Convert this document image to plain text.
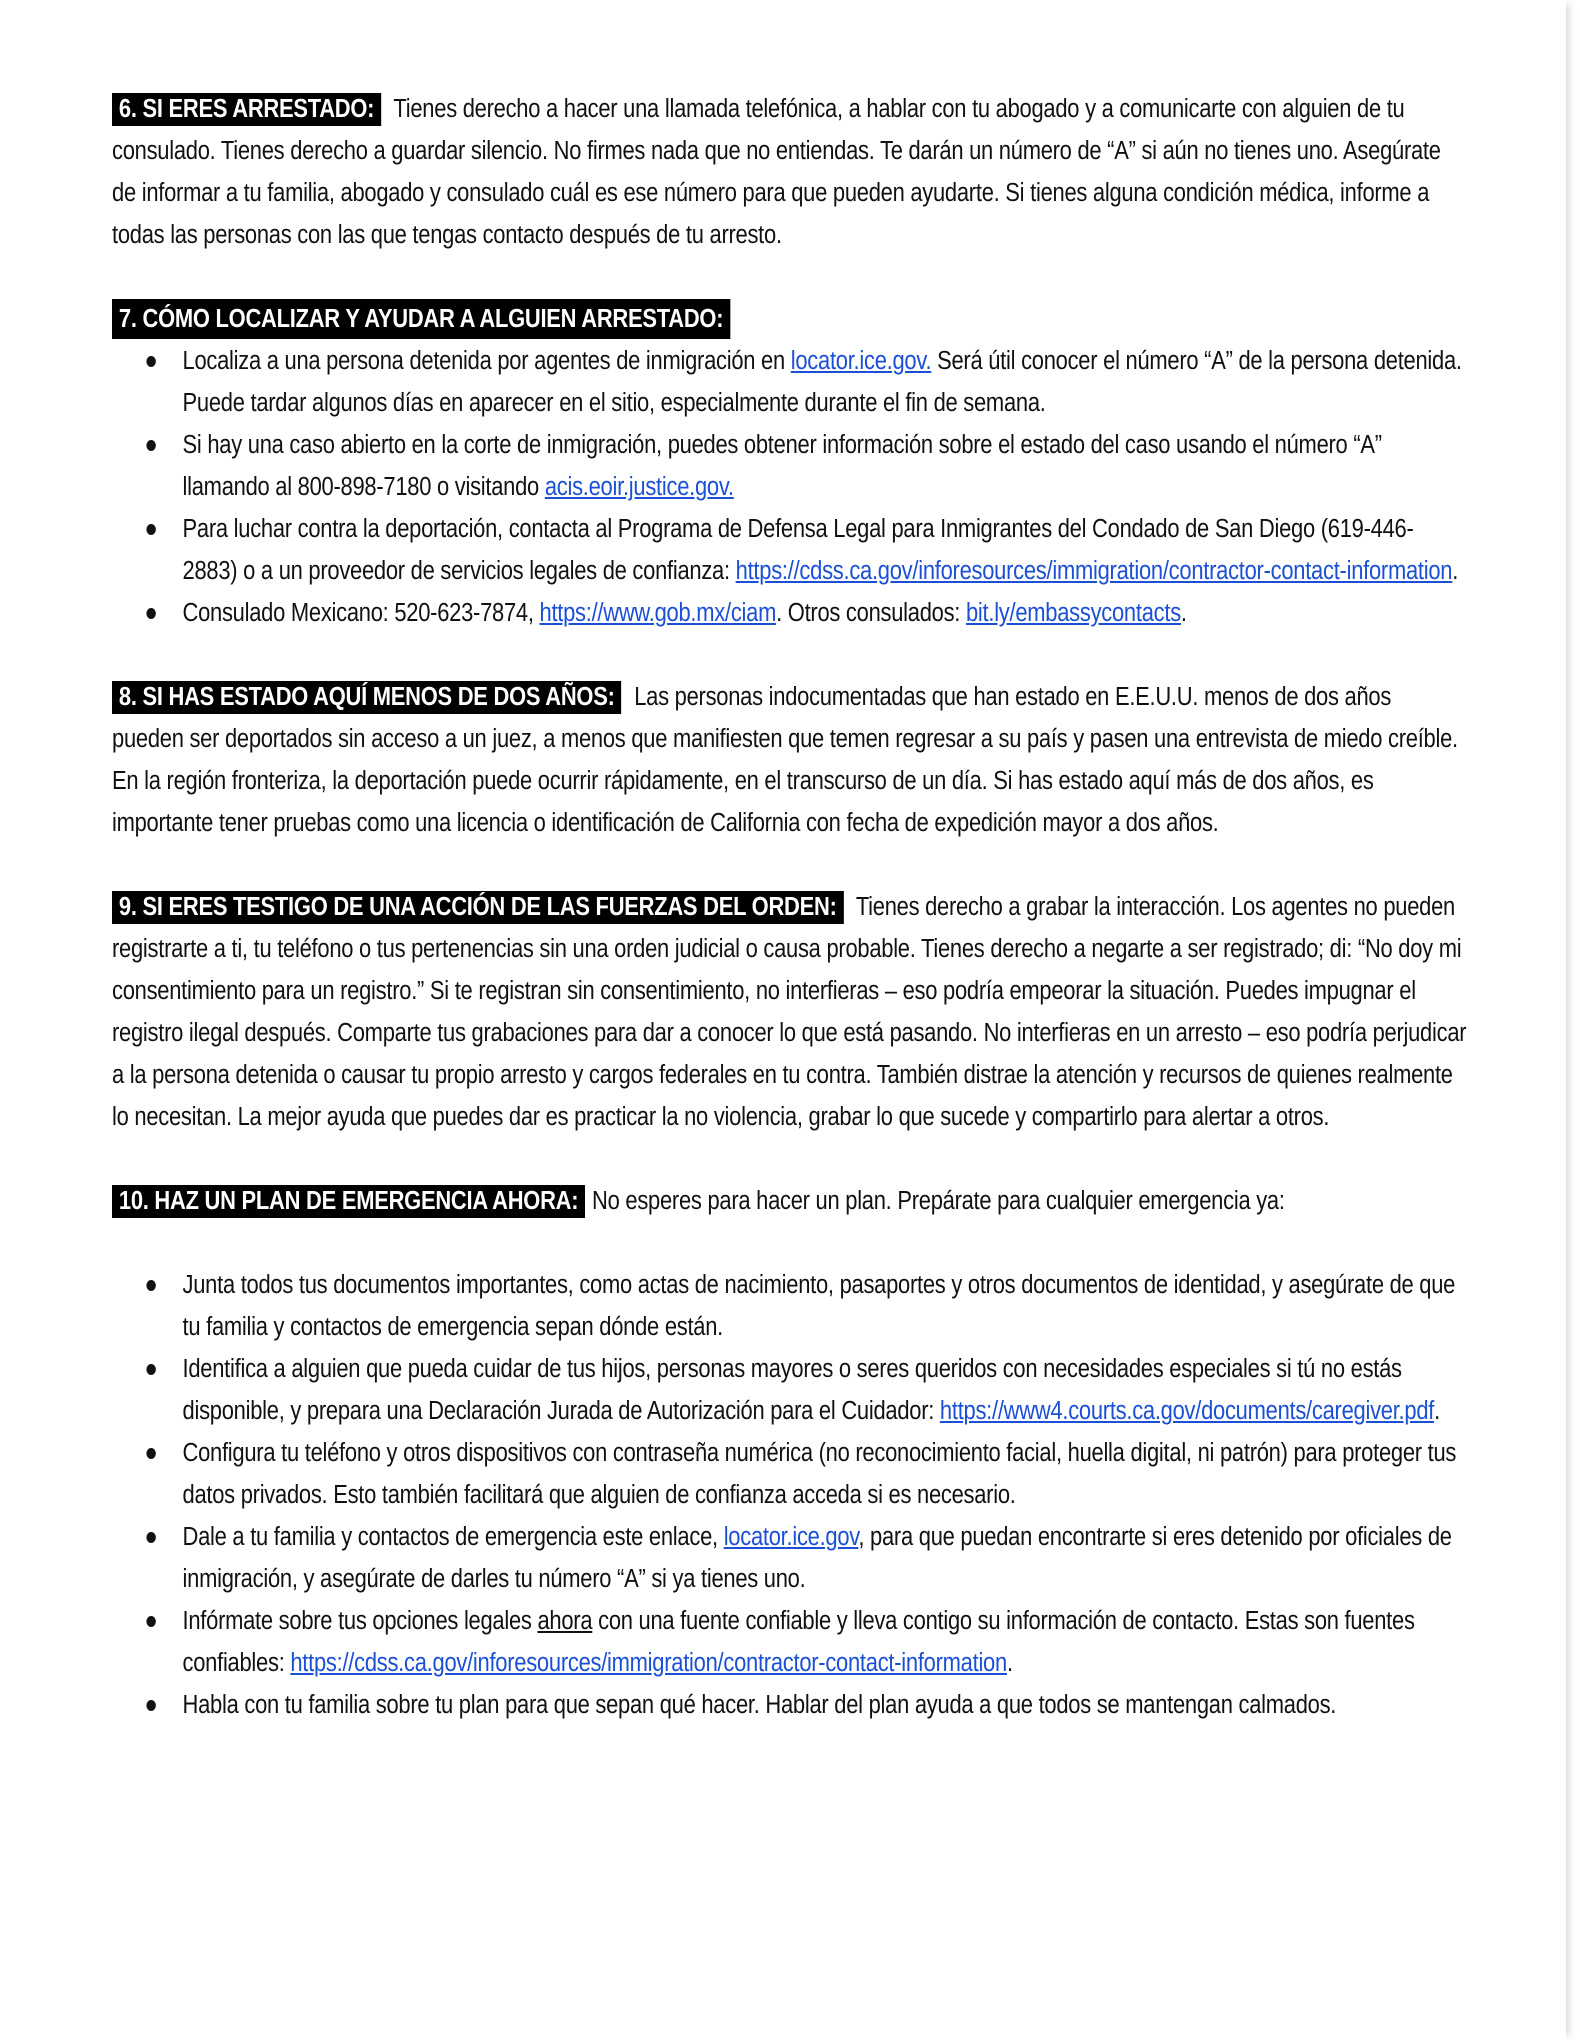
6. SI ERES ARRESTADO: Tienes derecho a hacer una llamada telefónica, a hablar con tu abogado y a comunicarte con alguien de tu consulado. Tienes derecho a guardar silencio. No firmes nada que no entiendas. Te darán un número de “A” si aún no tienes uno. Asegúrate de informar a tu familia, abogado y consulado cuál es ese número para que pueden ayudarte. Si tienes alguna condición médica, informe a todas las personas con las que tengas contacto después de tu arresto.
7. CÓMO LOCALIZAR Y AYUDAR A ALGUIEN ARRESTADO:
Localiza a una persona detenida por agentes de inmigración en locator.ice.gov. Será útil conocer el número “A” de la persona detenida. Puede tardar algunos días en aparecer en el sitio, especialmente durante el fin de semana.
Si hay una caso abierto en la corte de inmigración, puedes obtener información sobre el estado del caso usando el número “A” llamando al 800-898-7180 o visitando acis.eoir.justice.gov.
Para luchar contra la deportación, contacta al Programa de Defensa Legal para Inmigrantes del Condado de San Diego (619-446-2883) o a un proveedor de servicios legales de confianza: https://cdss.ca.gov/inforesources/immigration/contractor-contact-information.
Consulado Mexicano: 520-623-7874, https://www.gob.mx/ciam. Otros consulados: bit.ly/embassycontacts.
8. SI HAS ESTADO AQUÍ MENOS DE DOS AÑOS: Las personas indocumentadas que han estado en E.E.U.U. menos de dos años pueden ser deportados sin acceso a un juez, a menos que manifiesten que temen regresar a su país y pasen una entrevista de miedo creíble. En la región fronteriza, la deportación puede ocurrir rápidamente, en el transcurso de un día. Si has estado aquí más de dos años, es importante tener pruebas como una licencia o identificación de California con fecha de expedición mayor a dos años.
9. SI ERES TESTIGO DE UNA ACCIÓN DE LAS FUERZAS DEL ORDEN: Tienes derecho a grabar la interacción. Los agentes no pueden registrarte a ti, tu teléfono o tus pertenencias sin una orden judicial o causa probable. Tienes derecho a negarte a ser registrado; di: “No doy mi consentimiento para un registro.” Si te registran sin consentimiento, no interfieras – eso podría empeorar la situación. Puedes impugnar el registro ilegal después. Comparte tus grabaciones para dar a conocer lo que está pasando. No interfieras en un arresto – eso podría perjudicar a la persona detenida o causar tu propio arresto y cargos federales en tu contra. También distrae la atención y recursos de quienes realmente lo necesitan. La mejor ayuda que puedes dar es practicar la no violencia, grabar lo que sucede y compartirlo para alertar a otros.
10. HAZ UN PLAN DE EMERGENCIA AHORA: No esperes para hacer un plan. Prepárate para cualquier emergencia ya:
Junta todos tus documentos importantes, como actas de nacimiento, pasaportes y otros documentos de identidad, y asegúrate de que tu familia y contactos de emergencia sepan dónde están.
Identifica a alguien que pueda cuidar de tus hijos, personas mayores o seres queridos con necesidades especiales si tú no estás disponible, y prepara una Declaración Jurada de Autorización para el Cuidador: https://www4.courts.ca.gov/documents/caregiver.pdf.
Configura tu teléfono y otros dispositivos con contraseña numérica (no reconocimiento facial, huella digital, ni patrón) para proteger tus datos privados. Esto también facilitará que alguien de confianza acceda si es necesario.
Dale a tu familia y contactos de emergencia este enlace, locator.ice.gov, para que puedan encontrarte si eres detenido por oficiales de inmigración, y asegúrate de darles tu número “A” si ya tienes uno.
Infórmate sobre tus opciones legales ahora con una fuente confiable y lleva contigo su información de contacto. Estas son fuentes confiables: https://cdss.ca.gov/inforesources/immigration/contractor-contact-information.
Habla con tu familia sobre tu plan para que sepan qué hacer. Hablar del plan ayuda a que todos se mantengan calmados.
